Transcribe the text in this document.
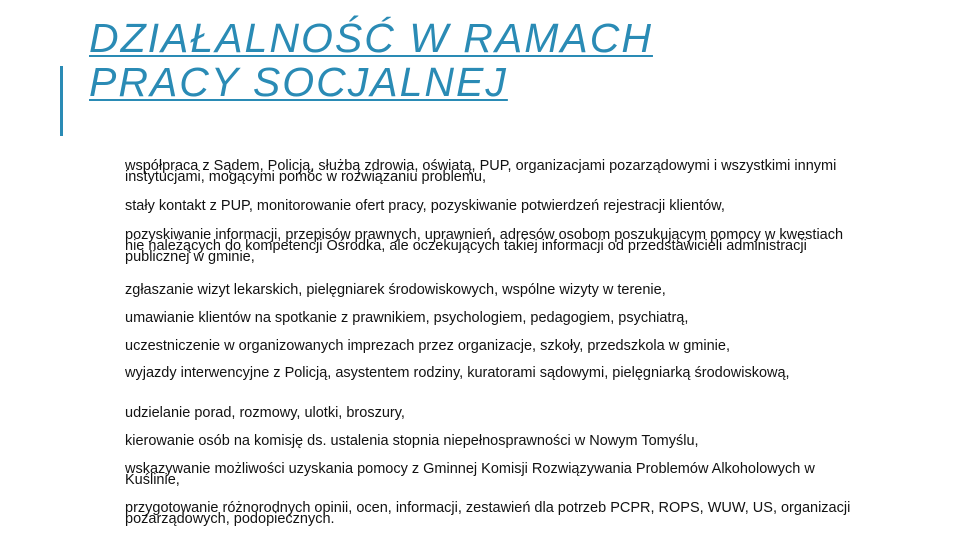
DZIAŁALNOŚĆ W RAMACH
PRACY SOCJALNEJ
współpraca z Sądem, Policją, służbą zdrowia, oświatą, PUP, organizacjami pozarządowymi i wszystkimi innymi instytucjami, mogącymi pomóc w rozwiązaniu problemu,
stały kontakt z PUP, monitorowanie ofert pracy, pozyskiwanie potwierdzeń rejestracji klientów,
pozyskiwanie informacji, przepisów prawnych, uprawnień, adresów osobom poszukującym pomocy w kwestiach nie należących do kompetencji Ośrodka, ale oczekujących takiej informacji od przedstawicieli administracji publicznej w gminie,
zgłaszanie wizyt lekarskich, pielęgniarek środowiskowych, wspólne wizyty w terenie,
umawianie klientów na spotkanie z prawnikiem, psychologiem, pedagogiem, psychiatrą,
uczestniczenie w organizowanych imprezach przez organizacje, szkoły, przedszkola w gminie,
wyjazdy interwencyjne z Policją, asystentem rodziny, kuratorami sądowymi, pielęgniarką środowiskową,
udzielanie porad, rozmowy, ulotki, broszury,
kierowanie osób na komisję ds. ustalenia stopnia niepełnosprawności w Nowym Tomyślu,
wskazywanie możliwości uzyskania pomocy z Gminnej Komisji Rozwiązywania Problemów Alkoholowych w Kuślinie,
przygotowanie różnorodnych opinii, ocen, informacji, zestawień dla potrzeb PCPR, ROPS, WUW, US, organizacji pozarządowych, podopiecznych.
